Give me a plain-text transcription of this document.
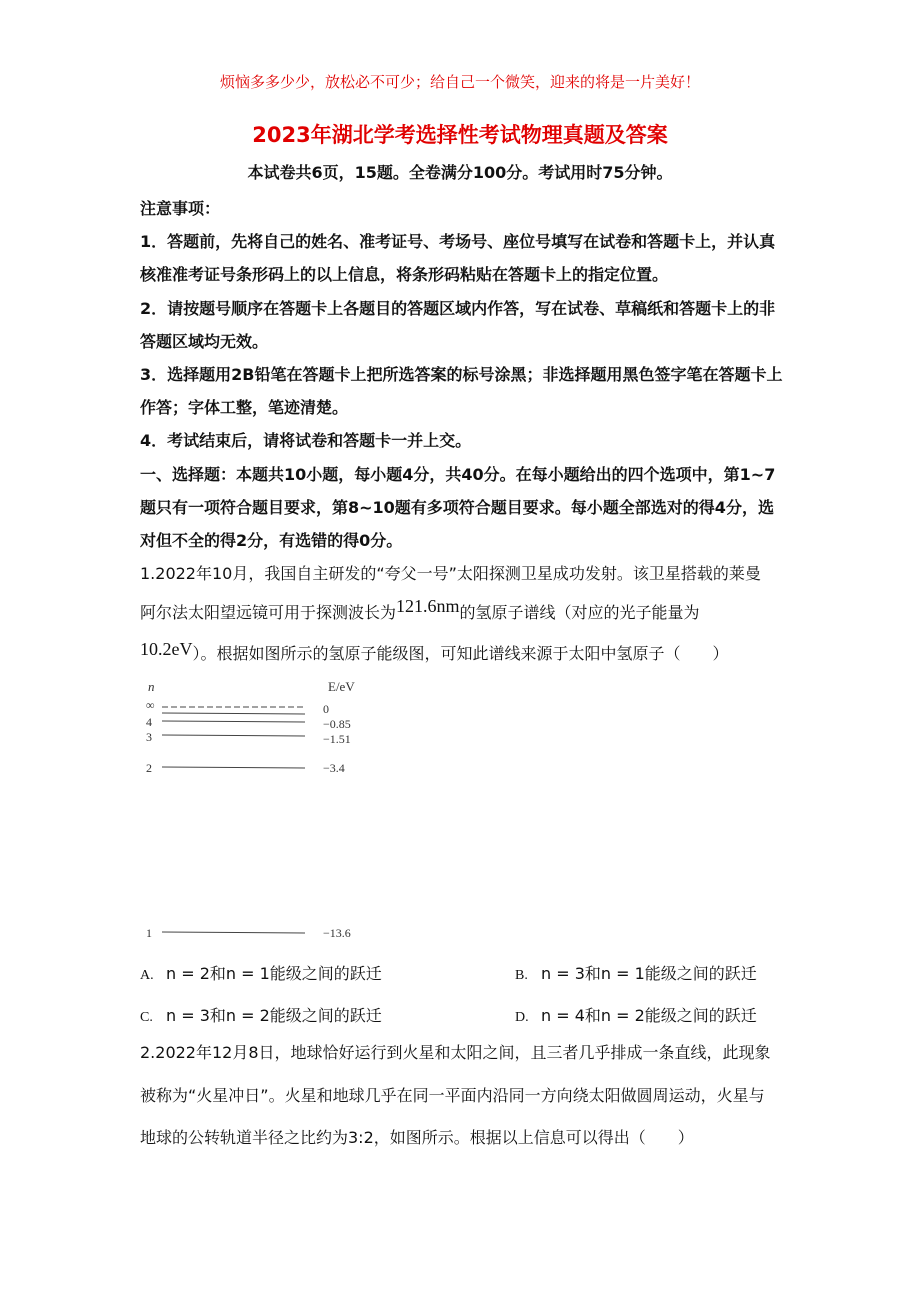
烦恼多多少少，放松必不可少；给自己一个微笑，迎来的将是一片美好！
2023年湖北学考选择性考试物理真题及答案
本试卷共6页，15题。全卷满分100分。考试用时75分钟。
注意事项：
1．答题前，先将自己的姓名、准考证号、考场号、座位号填写在试卷和答题卡上，并认真
核准准考证号条形码上的以上信息，将条形码粘贴在答题卡上的指定位置。
2．请按题号顺序在答题卡上各题目的答题区域内作答，写在试卷、草稿纸和答题卡上的非
答题区域均无效。
3．选择题用2B铅笔在答题卡上把所选答案的标号涂黑；非选择题用黑色签字笔在答题卡上
作答；字体工整，笔迹清楚。
4．考试结束后，请将试卷和答题卡一并上交。
一、选择题：本题共10小题，每小题4分，共40分。在每小题给出的四个选项中，第1~7
题只有一项符合题目要求，第8~10题有多项符合题目要求。每小题全部选对的得4分，选
对但不全的得2分，有选错的得0分。
1.2022年10月，我国自主研发的“夸父一号”太阳探测卫星成功发射。该卫星搭载的莱曼
阿尔法太阳望远镜可用于探测波长为121.6nm的氢原子谱线（对应的光子能量为
10.2eV）。根据如图所示的氢原子能级图，可知此谱线来源于太阳中氢原子（　　）
n	E/eV
∞	0
4	−0.85
3	−1.51
2	−3.4
1	−13.6
A. n = 2和n = 1能级之间的跃迁	B. n = 3和n = 1能级之间的跃迁
C. n = 3和n = 2能级之间的跃迁	D. n = 4和n = 2能级之间的跃迁
2.2022年12月8日，地球恰好运行到火星和太阳之间，且三者几乎排成一条直线，此现象
被称为“火星冲日”。火星和地球几乎在同一平面内沿同一方向绕太阳做圆周运动，火星与
地球的公转轨道半径之比约为3:2，如图所示。根据以上信息可以得出（　　）
